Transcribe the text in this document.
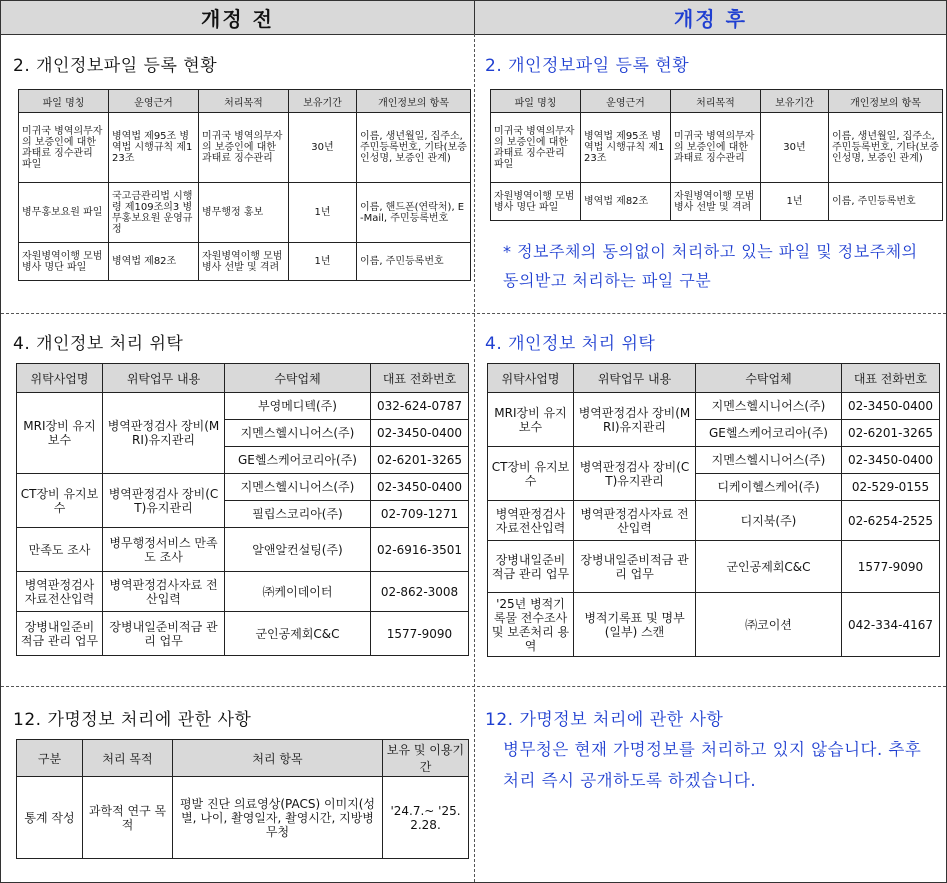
개정 전	개정 후
2. 개인정보파일 등록 현황
파일 명칭	운영근거	처리목적	보유기간	개인정보의 항목
미귀국 병역의무자의 보증인에 대한 과태료 징수관리 파일	병역법 제95조 병역법 시행규칙 제123조	미귀국 병역의무자의 보증인에 대한 과태료 징수관리	30년	이름, 생년월일, 집주소, 주민등록번호, 기타(보증인성명, 보증인 관계)
병무홍보요원 파일	국고금관리법 시행령 제109조의3 병무홍보요원 운영규정	병무행정 홍보	1년	이름, 핸드폰(연락처), E-Mail, 주민등록번호
자원병역이행 모범병사 명단 파일	병역법 제82조	자원병역이행 모범병사 선발 및 격려	1년	이름, 주민등록번호
2. 개인정보파일 등록 현황
파일 명칭	운영근거	처리목적	보유기간	개인정보의 항목
미귀국 병역의무자의 보증인에 대한 과태료 징수관리 파일	병역법 제95조 병역법 시행규칙 제123조	미귀국 병역의무자의 보증인에 대한 과태료 징수관리	30년	이름, 생년월일, 집주소, 주민등록번호, 기타(보증인성명, 보증인 관계)
자원병역이행 모범병사 명단 파일	병역법 제82조	자원병역이행 모범병사 선발 및 격려	1년	이름, 주민등록번호
* 정보주체의 동의없이 처리하고 있는 파일 및 정보주체의 동의받고 처리하는 파일 구분
4. 개인정보 처리 위탁
위탁사업명	위탁업무 내용	수탁업체	대표 전화번호
MRI장비 유지보수	병역판정검사 장비(MRI)유지관리	부영메디텍(주)	032-624-0787
		지멘스헬시니어스(주)	02-3450-0400
		GE헬스케어코리아(주)	02-6201-3265
CT장비 유지보수	병역판정검사 장비(CT)유지관리	지멘스헬시니어스(주)	02-3450-0400
		필립스코리아(주)	02-709-1271
만족도 조사	병무행정서비스 만족도 조사	알앤알컨설팅(주)	02-6916-3501
병역판정검사 자료전산입력	병역판정검사자료 전산입력	㈜케이데이터	02-862-3008
장병내일준비 적금 관리 업무	장병내일준비적금 관리 업무	군인공제회C&C	1577-9090
4. 개인정보 처리 위탁
위탁사업명	위탁업무 내용	수탁업체	대표 전화번호
MRI장비 유지보수	병역판정검사 장비(MRI)유지관리	지멘스헬시니어스(주)	02-3450-0400
		GE헬스케어코리아(주)	02-6201-3265
CT장비 유지보수	병역판정검사 장비(CT)유지관리	지멘스헬시니어스(주)	02-3450-0400
		디케이헬스케어(주)	02-529-0155
병역판정검사 자료전산입력	병역판정검사자료 전산입력	디지북(주)	02-6254-2525
장병내일준비 적금 관리 업무	장병내일준비적금 관리 업무	군인공제회C&C	1577-9090
'25년 병적기록물 전수조사 및 보존처리 용역	병적기록표 및 명부(일부) 스캔	㈜코이션	042-334-4167
12. 가명정보 처리에 관한 사항
구분	처리 목적	처리 항목	보유 및 이용기간
통계 작성	과학적 연구 목적	평발 진단 의료영상(PACS) 이미지(성별, 나이, 촬영일자, 촬영시간, 지방병무청	'24.7.~ '25.2.28.
12. 가명정보 처리에 관한 사항
병무청은 현재 가명정보를 처리하고 있지 않습니다. 추후 처리 즉시 공개하도록 하겠습니다.
